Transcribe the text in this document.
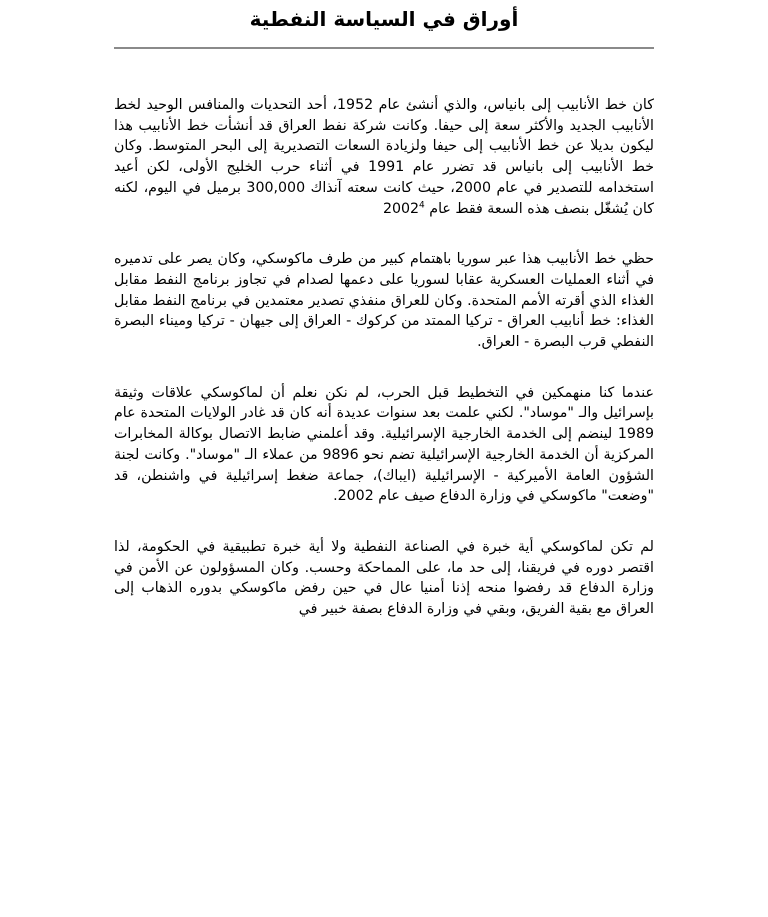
أوراق في السياسة النفطية

كان خط الأنابيب إلى بانياس، والذي أنشئ عام 1952، أحد التحديات والمنافس الوحيد لخط الأنابيب الجديد والأكثر سعة إلى حيفا. وكانت شركة نفط العراق قد أنشأت خط الأنابيب هذا ليكون بديلا عن خط الأنابيب إلى حيفا ولزيادة السعات التصديرية إلى البحر المتوسط. وكان خط الأنابيب إلى بانياس قد تضرر عام 1991 في أثناء حرب الخليج الأولى، لكن أعيد استخدامه للتصدير في عام 2000، حيث كانت سعته آنذاك 300,000 برميل في اليوم، لكنه كان يُشغّل بنصف هذه السعة فقط عام 2002$^4$

حظي خط الأنابيب هذا عبر سوريا باهتمام كبير من طرف ماكوسكي، وكان يصر على تدميره في أثناء العمليات العسكرية عقابا لسوريا على دعمها لصدام في تجاوز برنامج النفط مقابل الغذاء الذي أقرته الأمم المتحدة. وكان للعراق منفذي تصدير معتمدين في برنامج النفط مقابل الغذاء: خط أنابيب العراق - تركيا الممتد من كركوك - العراق إلى جيهان - تركيا وميناء البصرة النفطي قرب البصرة - العراق.

عندما كنا منهمكين في التخطيط قبل الحرب، لم نكن نعلم أن لماكوسكي علاقات وثيقة بإسرائيل والـ "موساد". لكني علمت بعد سنوات عديدة أنه كان قد غادر الولايات المتحدة عام 1989 لينضم إلى الخدمة الخارجية الإسرائيلية. وقد أعلمني ضابط الاتصال بوكالة المخابرات المركزية أن الخدمة الخارجية الإسرائيلية تضم نحو 9896 من عملاء الـ "موساد". وكانت لجنة الشؤون العامة الأميركية - الإسرائيلية (ايباك)، جماعة ضغط إسرائيلية في واشنطن، قد "وضعت" ماكوسكي في وزارة الدفاع صيف عام 2002.

لم تكن لماكوسكي أية خبرة في الصناعة النفطية ولا أية خبرة تطبيقية في الحكومة، لذا اقتصر دوره في فريقنا، إلى حد ما، على المماحكة وحسب. وكان المسؤولون عن الأمن في وزارة الدفاع قد رفضوا منحه إذنا أمنيا عال في حين رفض ماكوسكي بدوره الذهاب إلى العراق مع بقية الفريق، وبقي في وزارة الدفاع بصفة خبير في
